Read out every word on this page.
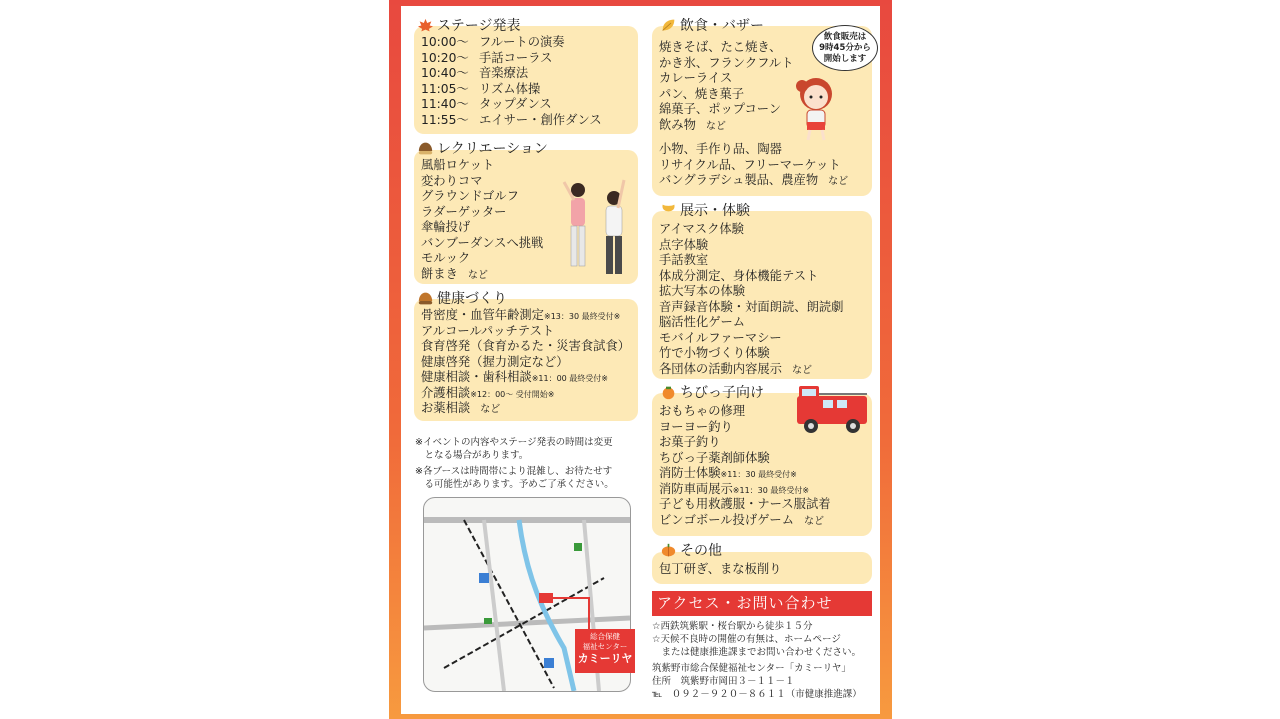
ステージ発表
10:00〜 フルートの演奏
10:20〜 手話コーラス
10:40〜 音楽療法
11:05〜 リズム体操
11:40〜 タップダンス
11:55〜 エイサー・創作ダンス
レクリエーション
風船ロケット
変わりコマ
グラウンドゴルフ
ラダーゲッター
傘輪投げ
バンブーダンスへ挑戦
モルック
餅まき など
健康づくり
骨密度・血管年齢測定※13：30 最終受付※
アルコールパッチテスト
食育啓発（食育かるた・災害食試食）
健康啓発（握力測定など）
健康相談・歯科相談※11：00 最終受付※
介護相談※12：00〜 受付開始※
お薬相談 など
※イベントの内容やステージ発表の時間は変更
　となる場合があります。
※各ブースは時間帯により混雑し、お待たせす
　る可能性があります。予めご了承ください。
総合保健
福祉センター
カミーリヤ
飲食・バザー
焼きそば、たこ焼き、
かき氷、フランクフルト
カレーライス
パン、焼き菓子
綿菓子、ポップコーン
飲み物 など
小物、手作り品、陶器
リサイクル品、フリーマーケット
バングラデシュ製品、農産物 など
飲食販売は
9時45分から
開始します
展示・体験
アイマスク体験
点字体験
手話教室
体成分測定、身体機能テスト
拡大写本の体験
音声録音体験・対面朗読、朗読劇
脳活性化ゲーム
モバイルファーマシー
竹で小物づくり体験
各団体の活動内容展示 など
ちびっ子向け
おもちゃの修理
ヨーヨー釣り
お菓子釣り
ちびっ子薬剤師体験
消防士体験※11：30 最終受付※
消防車両展示※11：30 最終受付※
子ども用救護服・ナース服試着
ビンゴボール投げゲーム など
その他
包丁研ぎ、まな板削り
アクセス・お問い合わせ
☆西鉄筑紫駅・桜台駅から徒歩１５分
☆天候不良時の開催の有無は、ホームページ
　または健康推進課までお問い合わせください。
筑紫野市総合保健福祉センター「カミーリヤ」
住所　筑紫野市岡田３－１１－１
℡　０９２－９２０－８６１１（市健康推進課）
